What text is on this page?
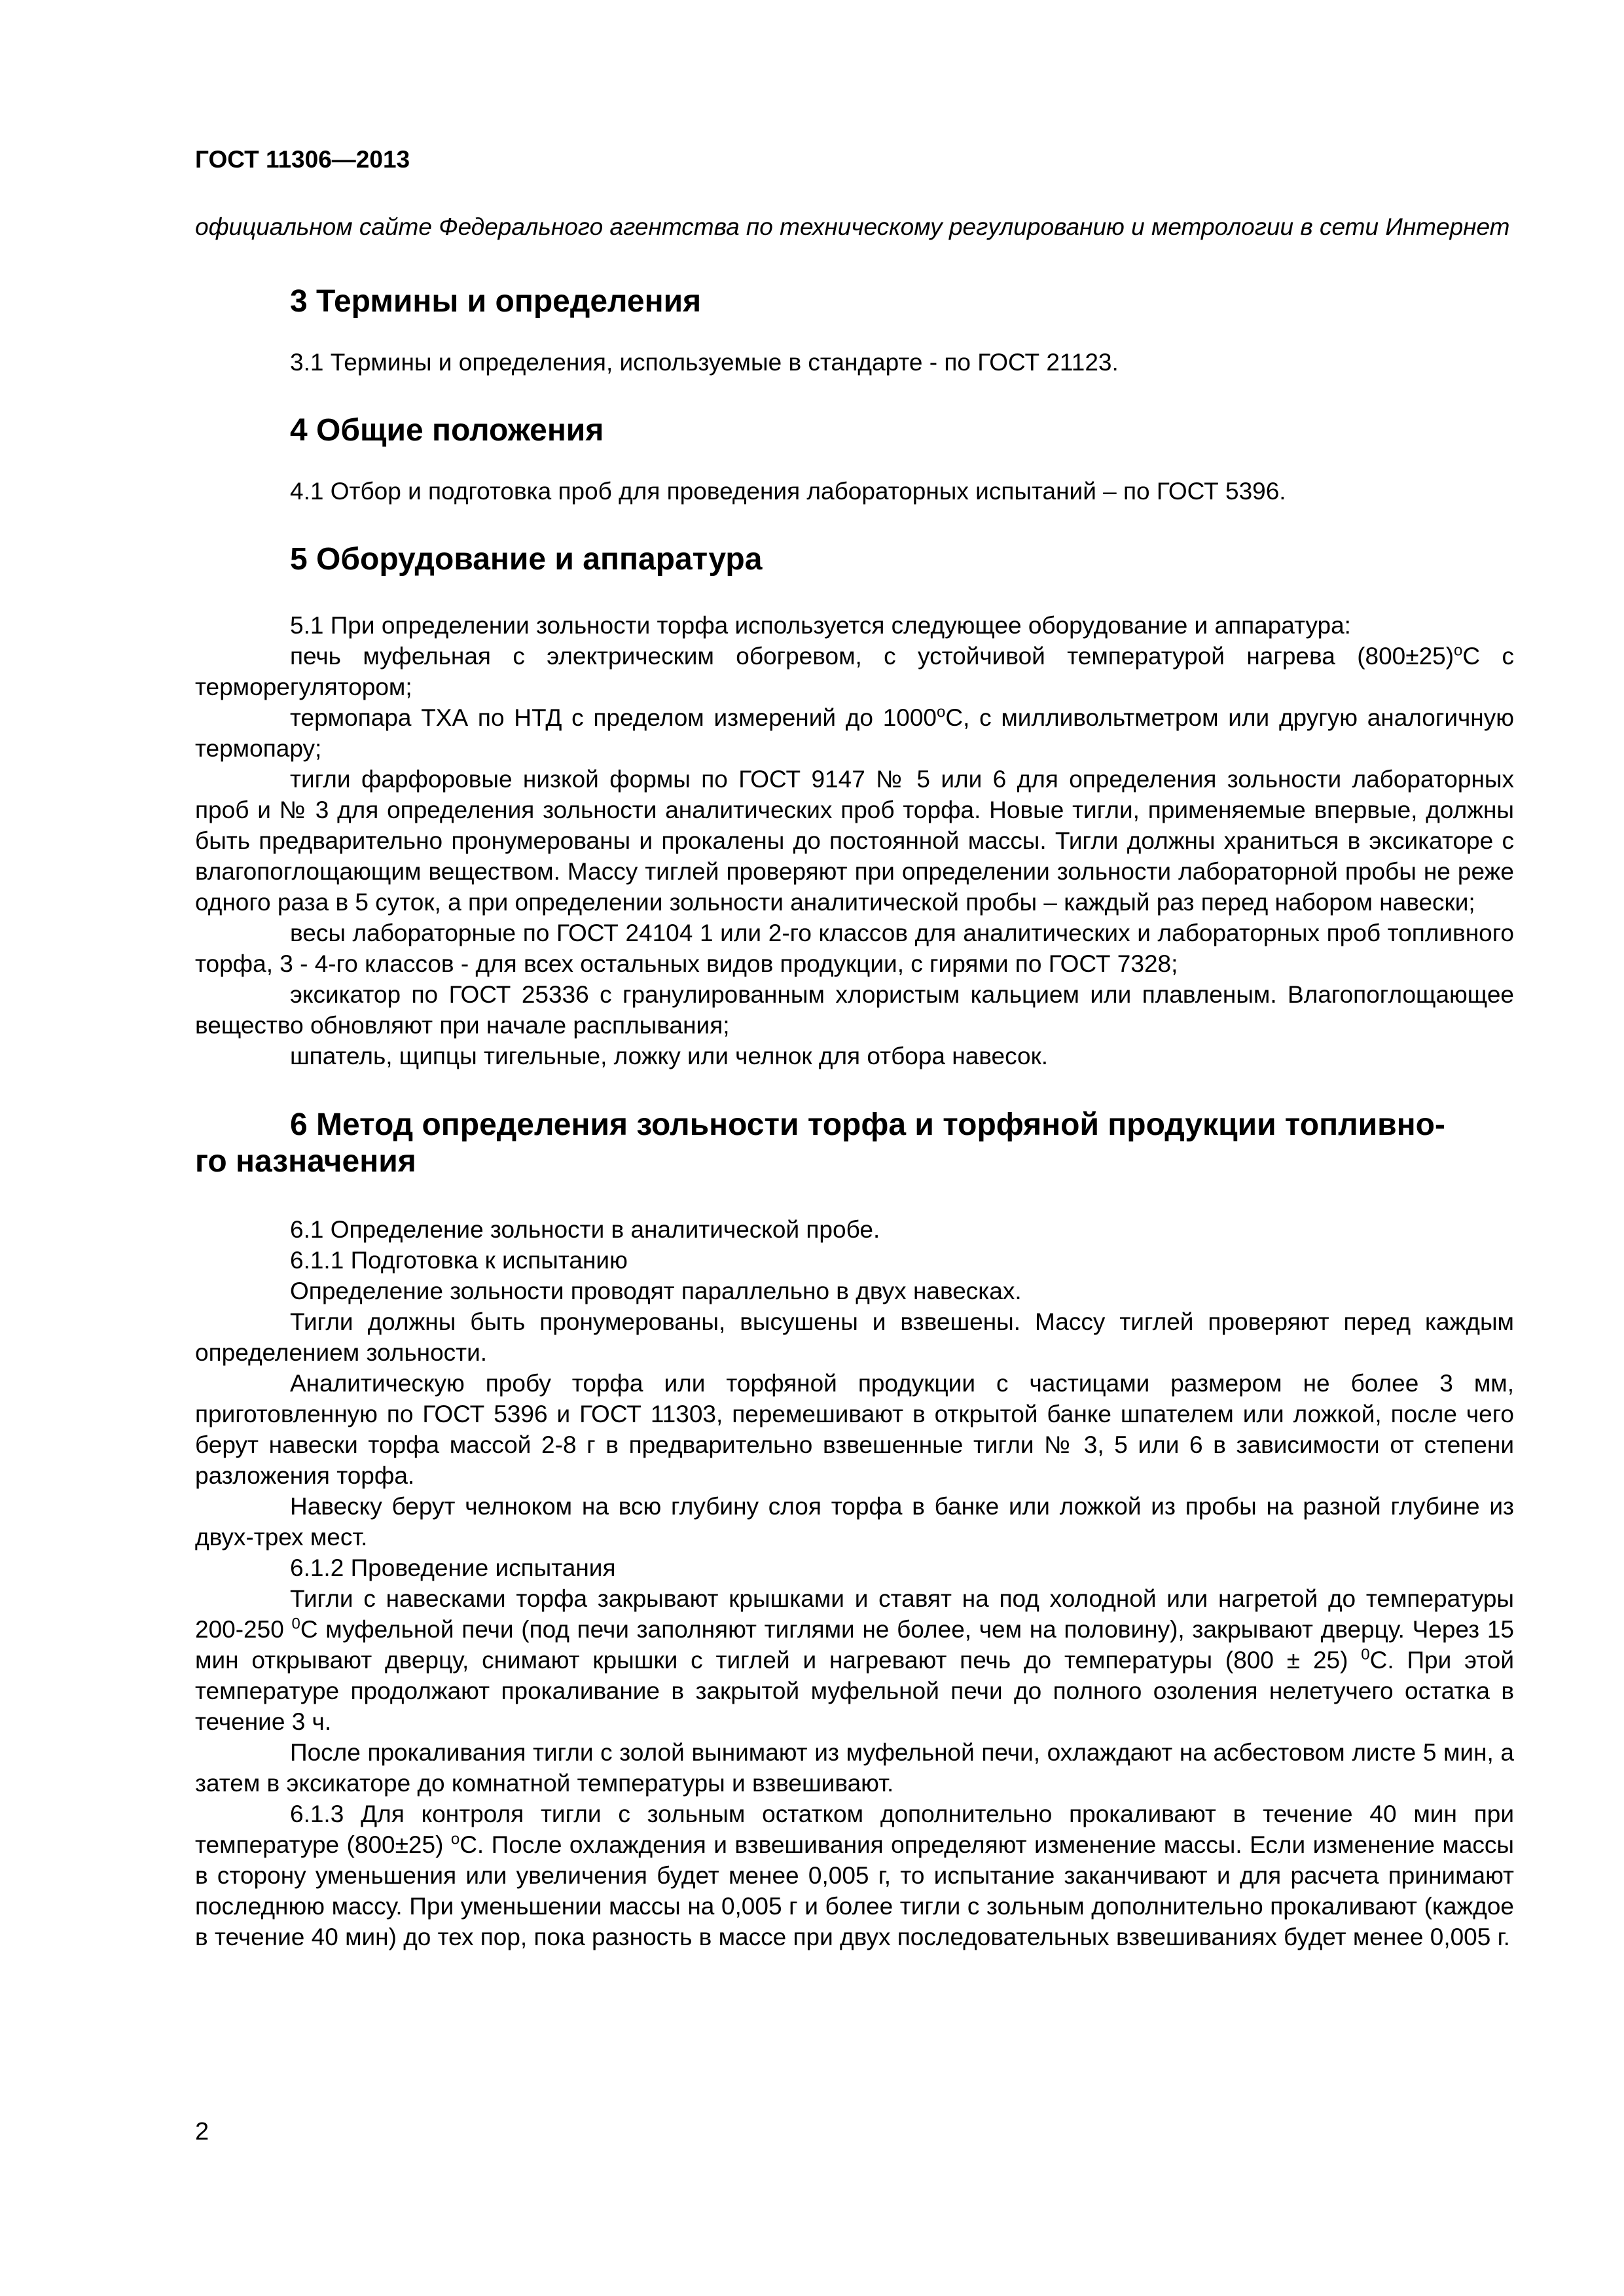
ГОСТ 11306—2013

официальном сайте Федерального агентства по техническому регулированию и метрологии в сети Интернет

3 Термины и определения

3.1 Термины и определения, используемые в стандарте - по ГОСТ 21123.

4 Общие положения

4.1 Отбор и подготовка проб для проведения лабораторных испытаний – по ГОСТ 5396.

5 Оборудование и аппаратура

5.1 При определении зольности торфа используется следующее оборудование и аппаратура:

печь муфельная с электрическим обогревом, с устойчивой температурой нагрева $(800\pm 25)^оС$ с терморегулятором;

термопара ТХА по НТД с пределом измерений до $1000^оС$, с милливольтметром или другую аналогичную термопару;

тигли фарфоровые низкой формы по ГОСТ 9147 № 5 или 6 для определения зольности лабораторных проб и № 3 для определения зольности аналитических проб торфа. Новые тигли, применяемые впервые, должны быть предварительно пронумерованы и прокалены до постоянной массы. Тигли должны храниться в эксикаторе с влагопоглощающим веществом. Массу тиглей проверяют при определении зольности лабораторной пробы не реже одного раза в 5 суток, а при определении зольности аналитической пробы – каждый раз перед набором навески;

весы лабораторные по ГОСТ 24104 1 или 2-го классов для аналитических и лабораторных проб топливного торфа, 3 - 4-го классов - для всех остальных видов продукции, с гирями по ГОСТ 7328;

эксикатор по ГОСТ 25336 с гранулированным хлористым кальцием или плавленым. Влагопоглощающее вещество обновляют при начале расплывания;

шпатель, щипцы тигельные, ложку или челнок для отбора навесок.

6 Метод определения зольности торфа и торфяной продукции топливно-
го назначения

6.1 Определение зольности в аналитической пробе.

6.1.1 Подготовка к испытанию

Определение зольности проводят параллельно в двух навесках.

Тигли должны быть пронумерованы, высушены и взвешены. Массу тиглей проверяют перед каждым определением зольности.

Аналитическую пробу торфа или торфяной продукции с частицами размером не более 3 мм, приготовленную по ГОСТ 5396 и ГОСТ 11303, перемешивают в открытой банке шпателем или ложкой, после чего берут навески торфа массой 2-8 г в предварительно взвешенные тигли № 3, 5 или 6 в зависимости от степени разложения торфа.

Навеску берут челноком на всю глубину слоя торфа в банке или ложкой из пробы на разной глубине из двух-трех мест.

6.1.2 Проведение испытания

Тигли с навесками торфа закрывают крышками и ставят на под холодной или нагретой до температуры 200-250 $^0$С муфельной печи (под печи заполняют тиглями не более, чем на половину), закрывают дверцу. Через 15 мин открывают дверцу, снимают крышки с тиглей и нагревают печь до температуры (800 ± 25) $^0$С. При этой температуре продолжают прокаливание в закрытой муфельной печи до полного озоления нелетучего остатка в течение 3 ч.

После прокаливания тигли с золой вынимают из муфельной печи, охлаждают на асбестовом листе 5 мин, а затем в эксикаторе до комнатной температуры и взвешивают.

6.1.3 Для контроля тигли с зольным остатком дополнительно прокаливают в течение 40 мин при температуре (800±25) $^о$С. После охлаждения и взвешивания определяют изменение массы. Если изменение массы в сторону уменьшения или увеличения будет менее 0,005 г, то испытание заканчивают и для расчета принимают последнюю массу. При уменьшении массы на 0,005 г и более тигли с зольным дополнительно прокаливают (каждое в течение 40 мин) до тех пор, пока разность в массе при двух последовательных взвешиваниях будет менее 0,005 г.

2
